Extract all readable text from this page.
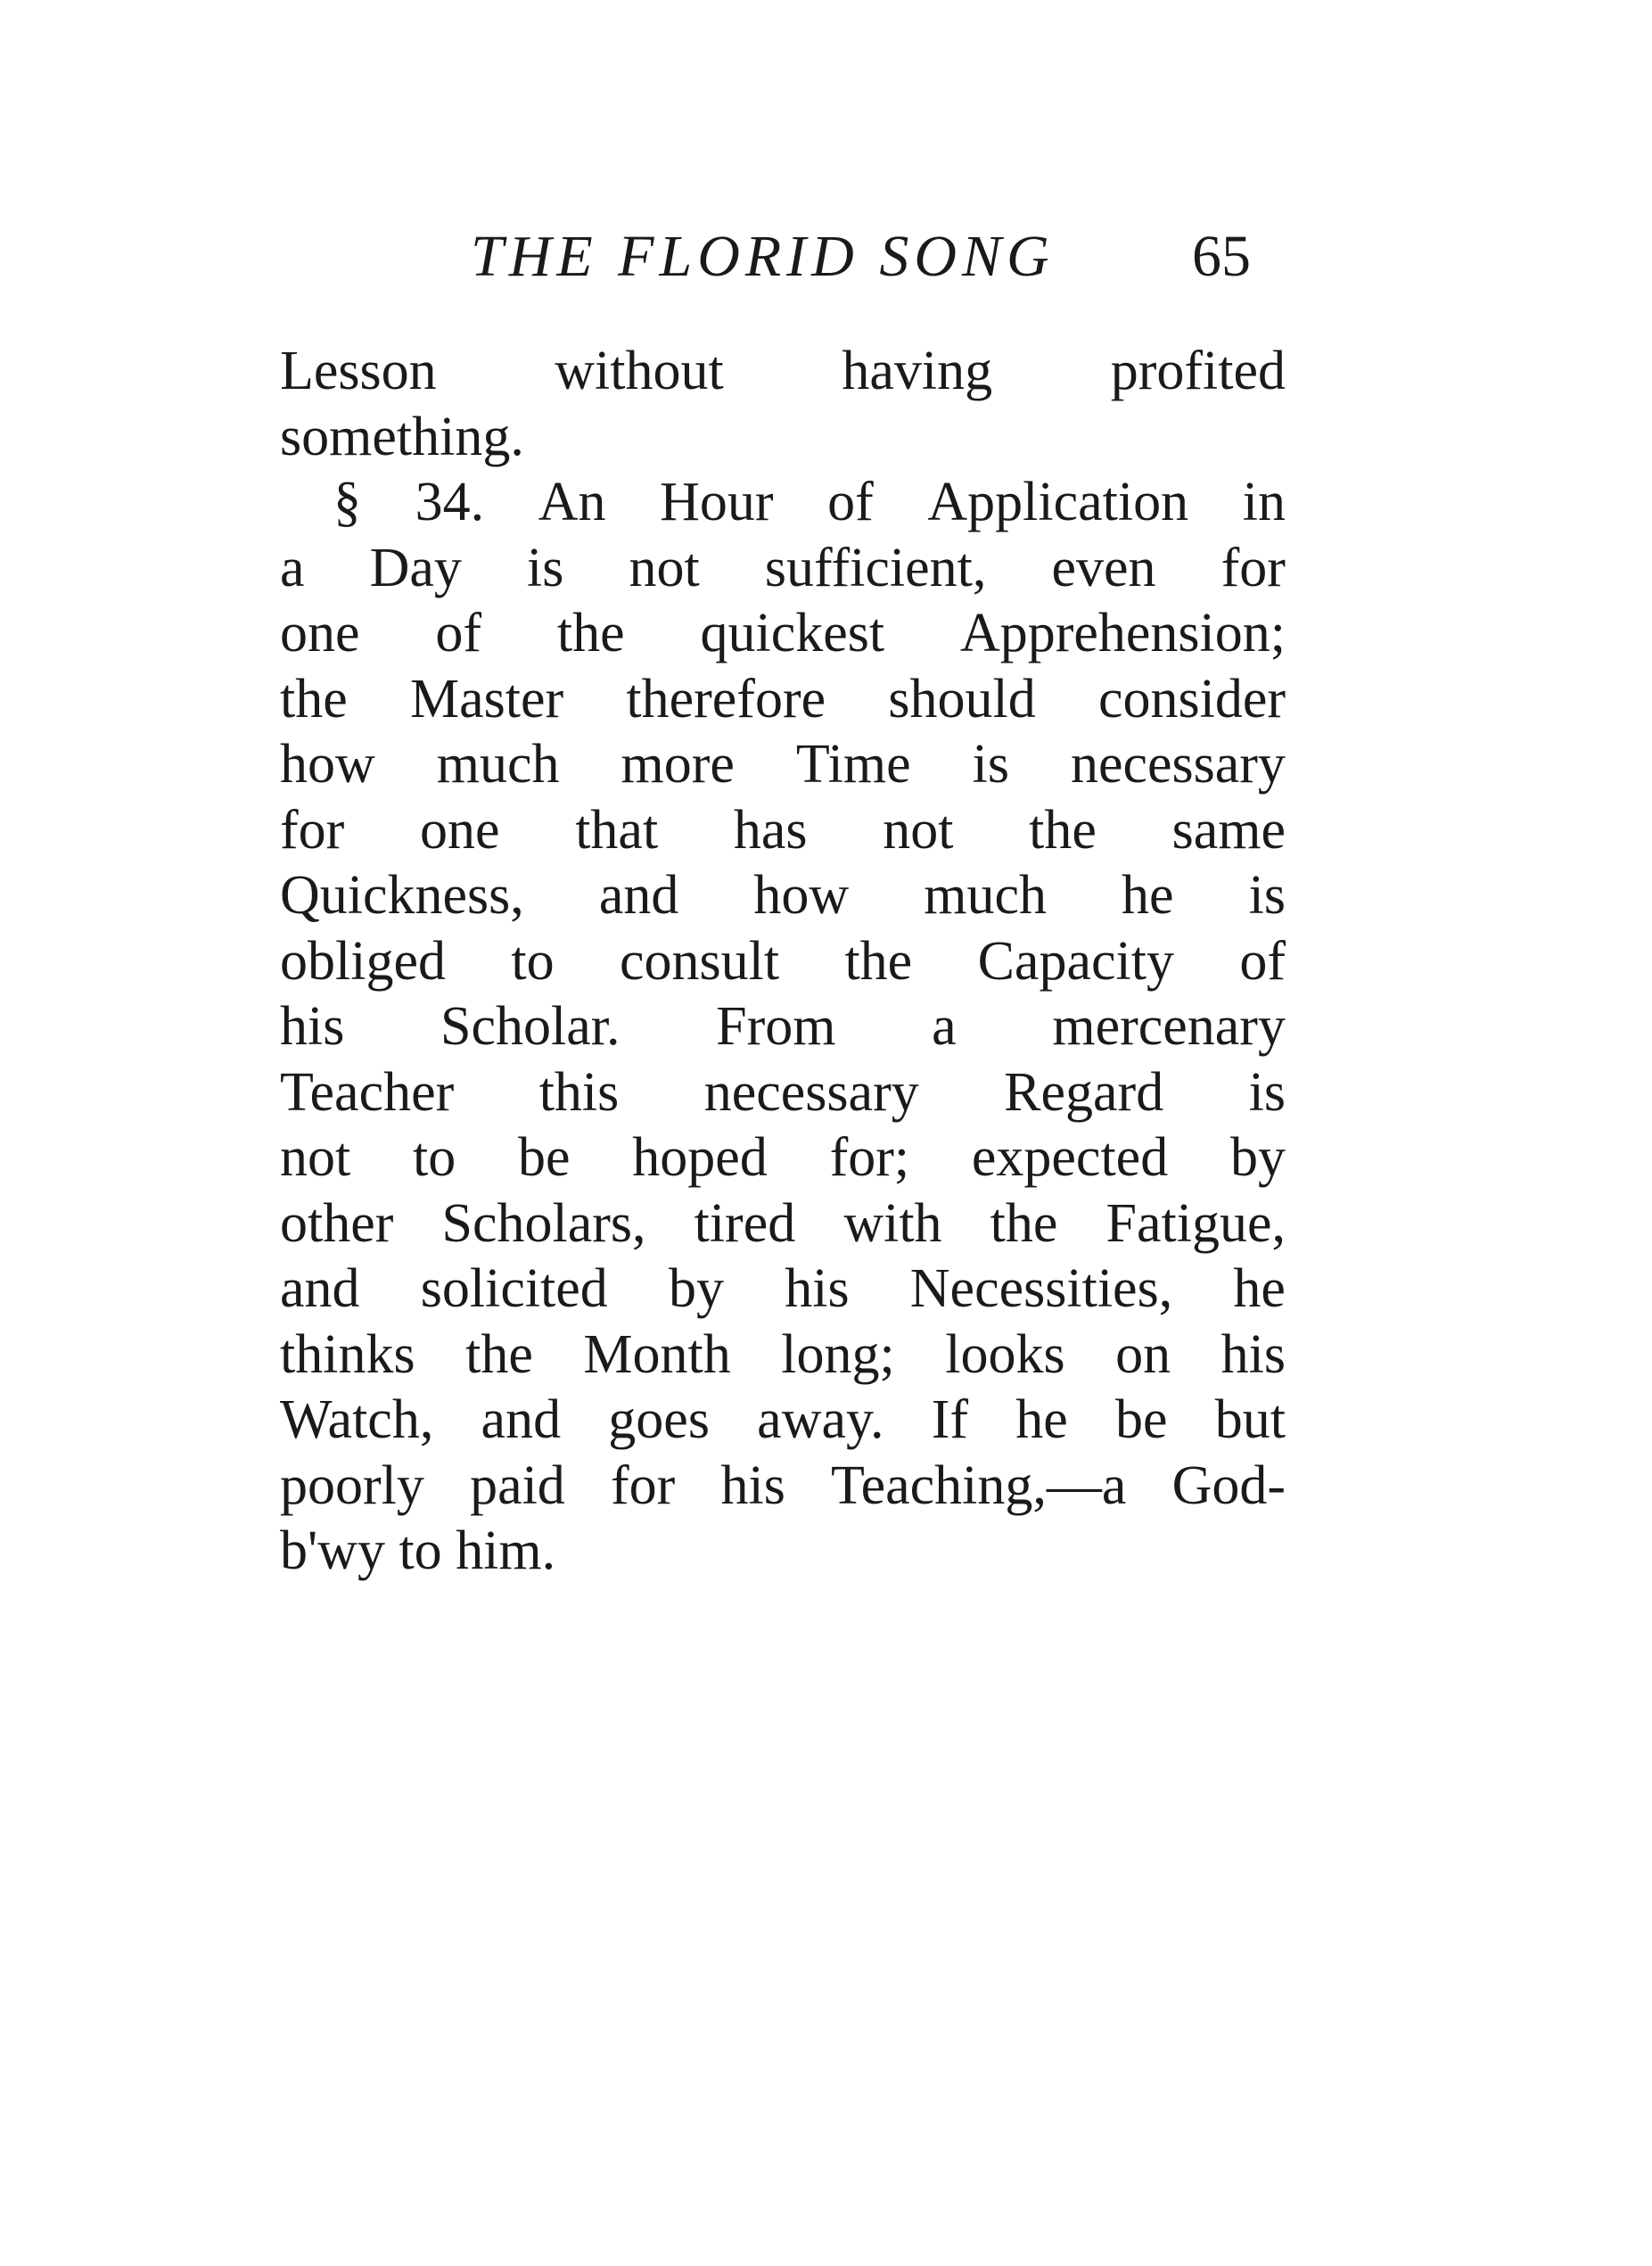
THE FLORID SONG 65
Lesson without having profited
something.

§ 34. An Hour of Application in
a Day is not sufficient, even for
one of the quickest Apprehension;
the Master therefore should consider
how much more Time is necessary
for one that has not the same
Quickness, and how much he is
obliged to consult the Capacity of
his Scholar. From a mercenary
Teacher this necessary Regard is
not to be hoped for; expected by
other Scholars, tired with the Fatigue,
and solicited by his Necessities, he
thinks the Month long; looks on his
Watch, and goes away. If he be but
poorly paid for his Teaching,—a God-
b'wy
to
him.
